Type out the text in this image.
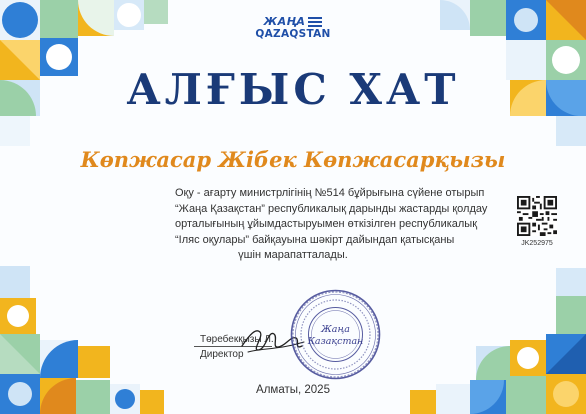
ЖАҢА
QAZAQSTAN
АЛҒЫС ХАТ
Көпжасар Жібек Көпжасарқызы
Оқу - ағарту министрлігінің №514 бұйрығына сүйене отырып
“Жаңа Қазақстан” республикалық дарынды жастарды қолдау
орталығының ұйымдастыруымен өткізілген республикалық
“Іляс оқулары” байқауына шәкірт дайындап қатысқаны
үшін марапатталады.
JK252975
Төребекқызы Л.
Директор
Жаңа
Қазақстан
Алматы, 2025
